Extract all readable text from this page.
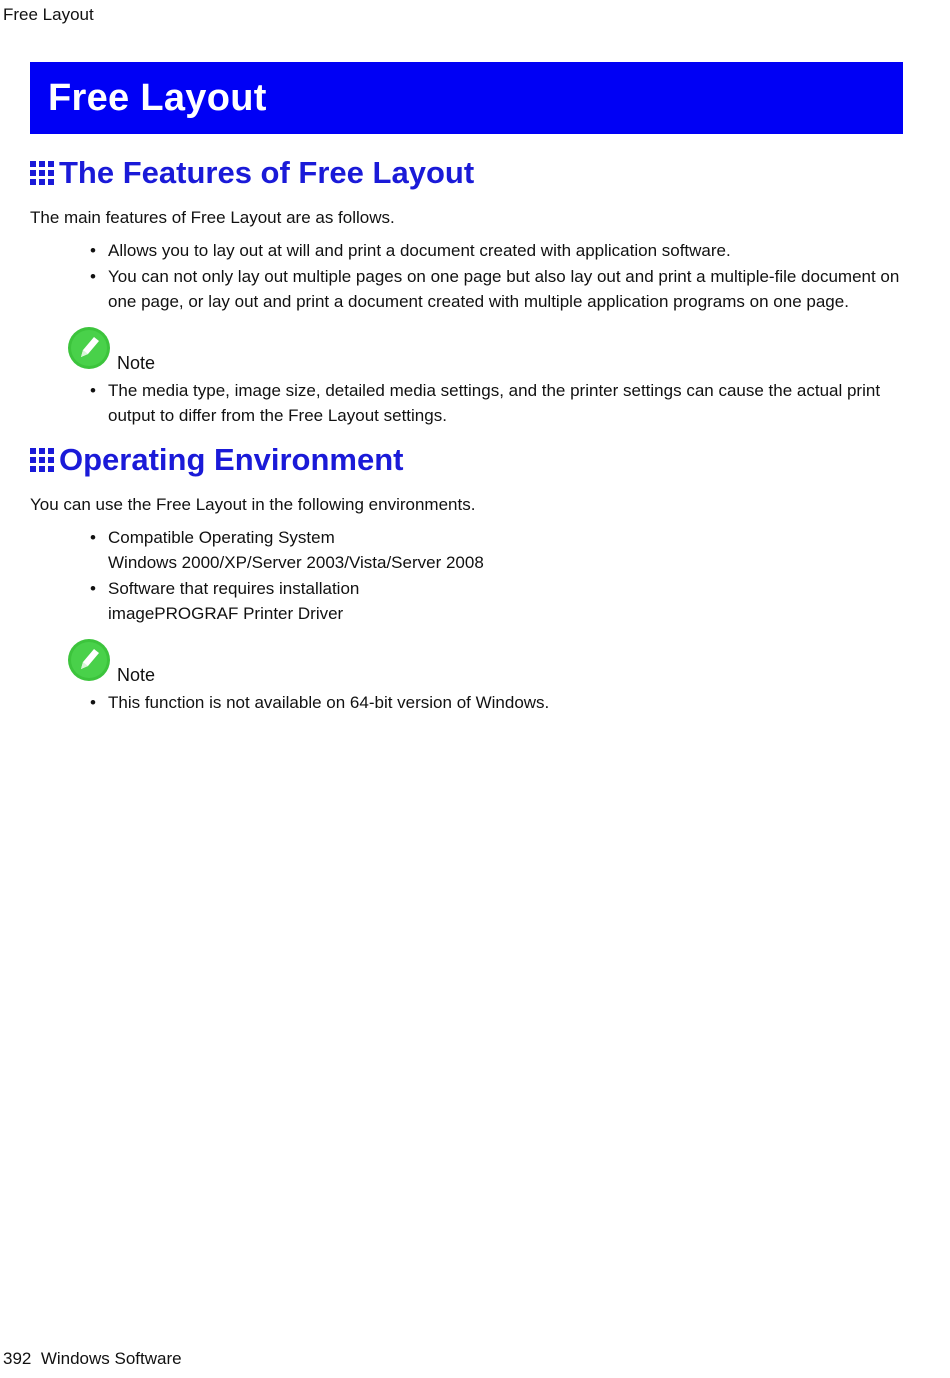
Free Layout
Free Layout
The Features of Free Layout

The main features of Free Layout are as follows.

• Allows you to lay out at will and print a document created with application software.
• You can not only lay out multiple pages on one page but also lay out and print a multiple-file document on one page, or lay out and print a document created with multiple application programs on one page.
Note
• The media type, image size, detailed media settings, and the printer settings can cause the actual print output to differ from the Free Layout settings.
Operating Environment

You can use the Free Layout in the following environments.

• Compatible Operating System
Windows 2000/XP/Server 2003/Vista/Server 2008
• Software that requires installation
imagePROGRAF Printer Driver
Note
• This function is not available on 64-bit version of Windows.
392 Windows Software
